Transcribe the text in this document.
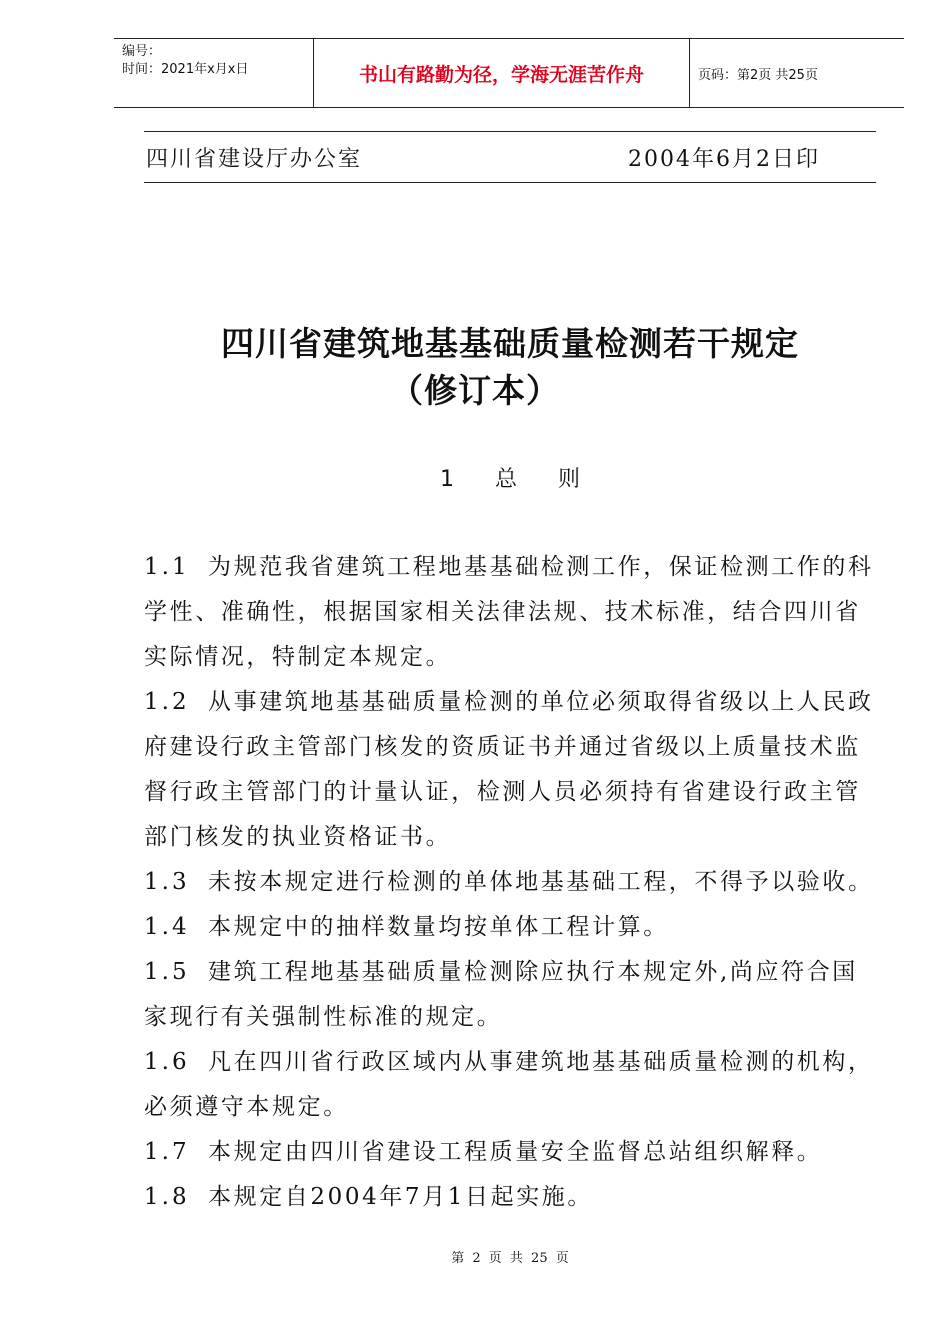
编号：
时间：2021年x月x日	书山有路勤为径，学海无涯苦作舟	页码：第2页 共25页
四川省建设厅办公室	2004年6月2日印
四川省建筑地基基础质量检测若干规定
（修订本）
1 总 则

1.1 为规范我省建筑工程地基基础检测工作，保证检测工作的科学性、准确性，根据国家相关法律法规、技术标准，结合四川省实际情况，特制定本规定。

1.2 从事建筑地基基础质量检测的单位必须取得省级以上人民政府建设行政主管部门核发的资质证书并通过省级以上质量技术监督行政主管部门的计量认证，检测人员必须持有省建设行政主管部门核发的执业资格证书。

1.3 未按本规定进行检测的单体地基基础工程，不得予以验收。

1.4 本规定中的抽样数量均按单体工程计算。

1.5 建筑工程地基基础质量检测除应执行本规定外,尚应符合国家现行有关强制性标准的规定。

1.6 凡在四川省行政区域内从事建筑地基基础质量检测的机构，必须遵守本规定。

1.7 本规定由四川省建设工程质量安全监督总站组织解释。

1.8 本规定自2004年7月1日起实施。

第 2 页 共 25 页
